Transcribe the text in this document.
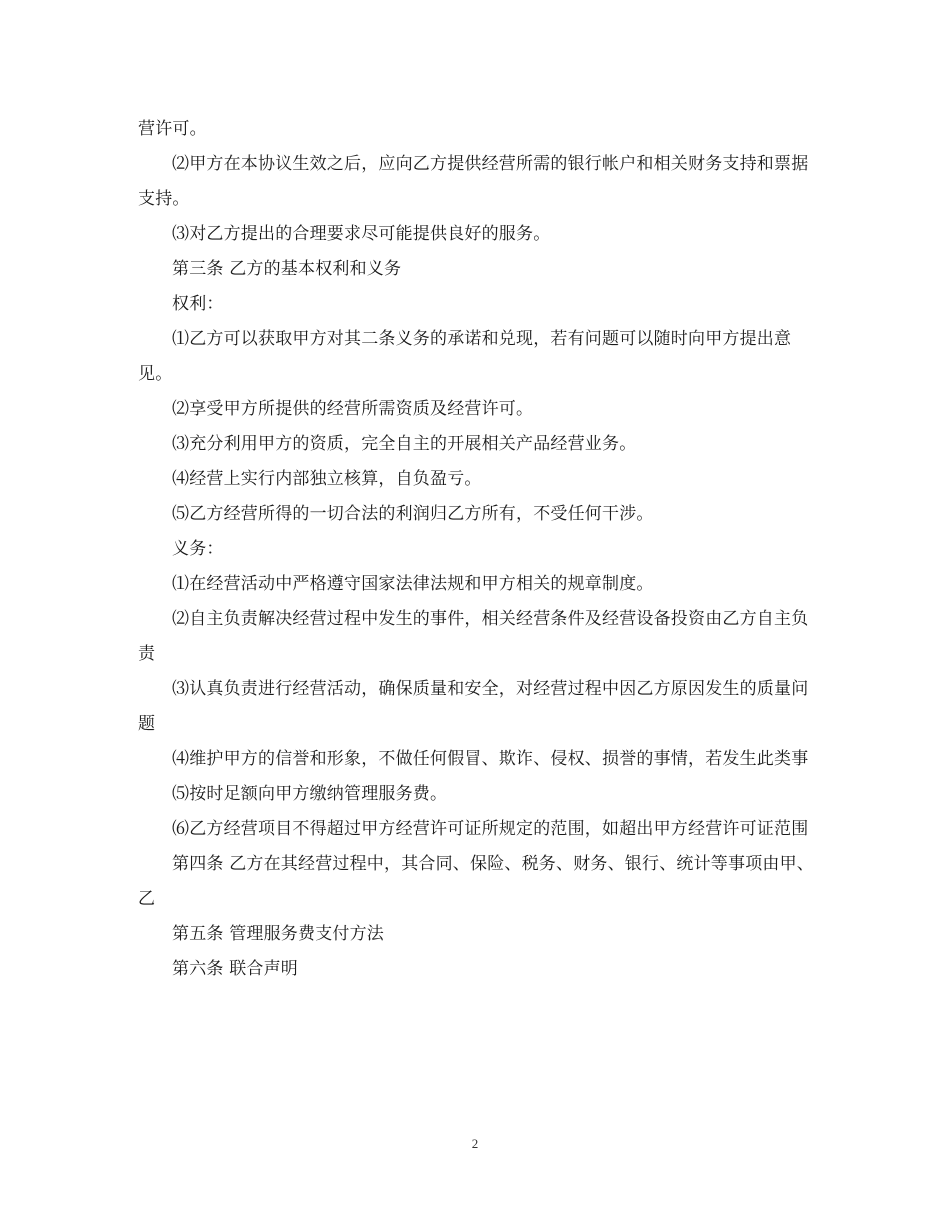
营许可。

⑵甲方在本协议生效之后，应向乙方提供经营所需的银行帐户和相关财务支持和票据支持。

⑶对乙方提出的合理要求尽可能提供良好的服务。

第三条 乙方的基本权利和义务

权利：

⑴乙方可以获取甲方对其二条义务的承诺和兑现，若有问题可以随时向甲方提出意见。

⑵享受甲方所提供的经营所需资质及经营许可。

⑶充分利用甲方的资质，完全自主的开展相关产品经营业务。

⑷经营上实行内部独立核算，自负盈亏。

⑸乙方经营所得的一切合法的利润归乙方所有，不受任何干涉。

义务：

⑴在经营活动中严格遵守国家法律法规和甲方相关的规章制度。

⑵自主负责解决经营过程中发生的事件，相关经营条件及经营设备投资由乙方自主负责

⑶认真负责进行经营活动，确保质量和安全，对经营过程中因乙方原因发生的质量问题

⑷维护甲方的信誉和形象，不做任何假冒、欺诈、侵权、损誉的事情，若发生此类事

⑸按时足额向甲方缴纳管理服务费。

⑹乙方经营项目不得超过甲方经营许可证所规定的范围，如超出甲方经营许可证范围

第四条 乙方在其经营过程中，其合同、保险、税务、财务、银行、统计等事项由甲、乙

第五条 管理服务费支付方法

第六条 联合声明

2
